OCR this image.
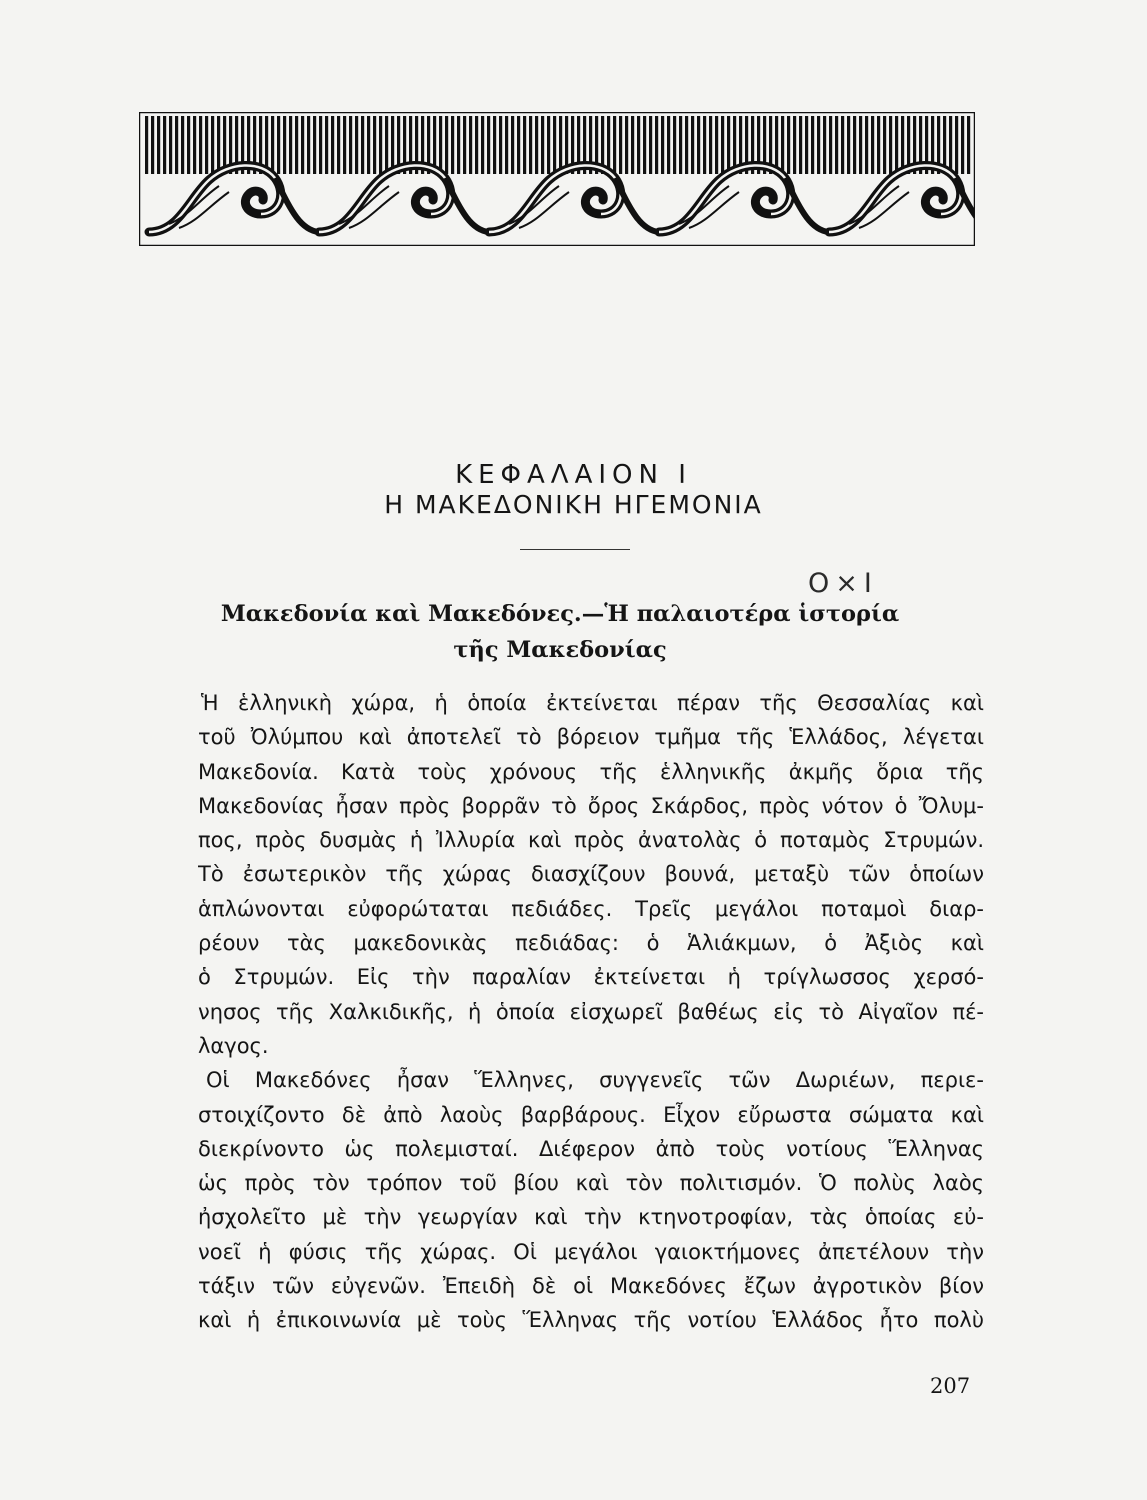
ΚΕΦΑΛΑΙΟΝ Ι
Η ΜΑΚΕΔΟΝΙΚΗ ΗΓΕΜΟΝΙΑ
Ο×Ι
Μακεδονία καὶ Μακεδόνες.—Ἡ παλαιοτέρα ἱστορία
τῆς Μακεδονίας
Ἡ ἑλληνικὴ χώρα, ἡ ὁποία ἐκτείνεται πέραν τῆς Θεσσαλίας καὶ
τοῦ Ὀλύμπου καὶ ἀποτελεῖ τὸ βόρειον τμῆμα τῆς Ἑλλάδος, λέγεται
Μακεδονία. Κατὰ τοὺς χρόνους τῆς ἑλληνικῆς ἀκμῆς ὅρια τῆς
Μακεδονίας ἦσαν πρὸς βορρᾶν τὸ ὄρος Σκάρδος, πρὸς νότον ὁ Ὄλυμ-
πος, πρὸς δυσμὰς ἡ Ἰλλυρία καὶ πρὸς ἀνατολὰς ὁ ποταμὸς Στρυμών.
Τὸ ἐσωτερικὸν τῆς χώρας διασχίζουν βουνά, μεταξὺ τῶν ὁποίων
ἁπλώνονται εὐφορώταται πεδιάδες. Τρεῖς μεγάλοι ποταμοὶ διαρ-
ρέουν τὰς μακεδονικὰς πεδιάδας: ὁ Ἁλιάκμων, ὁ Ἀξιὸς καὶ
ὁ Στρυμών. Εἰς τὴν παραλίαν ἐκτείνεται ἡ τρίγλωσσος χερσό-
νησος τῆς Χαλκιδικῆς, ἡ ὁποία εἰσχωρεῖ βαθέως εἰς τὸ Αἰγαῖον πέ-
λαγος.
Οἱ Μακεδόνες ἦσαν Ἕλληνες, συγγενεῖς τῶν Δωριέων, περιε-
στοιχίζοντο δὲ ἀπὸ λαοὺς βαρβάρους. Εἶχον εὔρωστα σώματα καὶ
διεκρίνοντο ὡς πολεμισταί. Διέφερον ἀπὸ τοὺς νοτίους Ἕλληνας
ὡς πρὸς τὸν τρόπον τοῦ βίου καὶ τὸν πολιτισμόν. Ὁ πολὺς λαὸς
ἠσχολεῖτο μὲ τὴν γεωργίαν καὶ τὴν κτηνοτροφίαν, τὰς ὁποίας εὐ-
νοεῖ ἡ φύσις τῆς χώρας. Οἱ μεγάλοι γαιοκτήμονες ἀπετέλουν τὴν
τάξιν τῶν εὐγενῶν. Ἐπειδὴ δὲ οἱ Μακεδόνες ἔζων ἀγροτικὸν βίον
καὶ ἡ ἐπικοινωνία μὲ τοὺς Ἕλληνας τῆς νοτίου Ἑλλάδος ἦτο πολὺ
207
